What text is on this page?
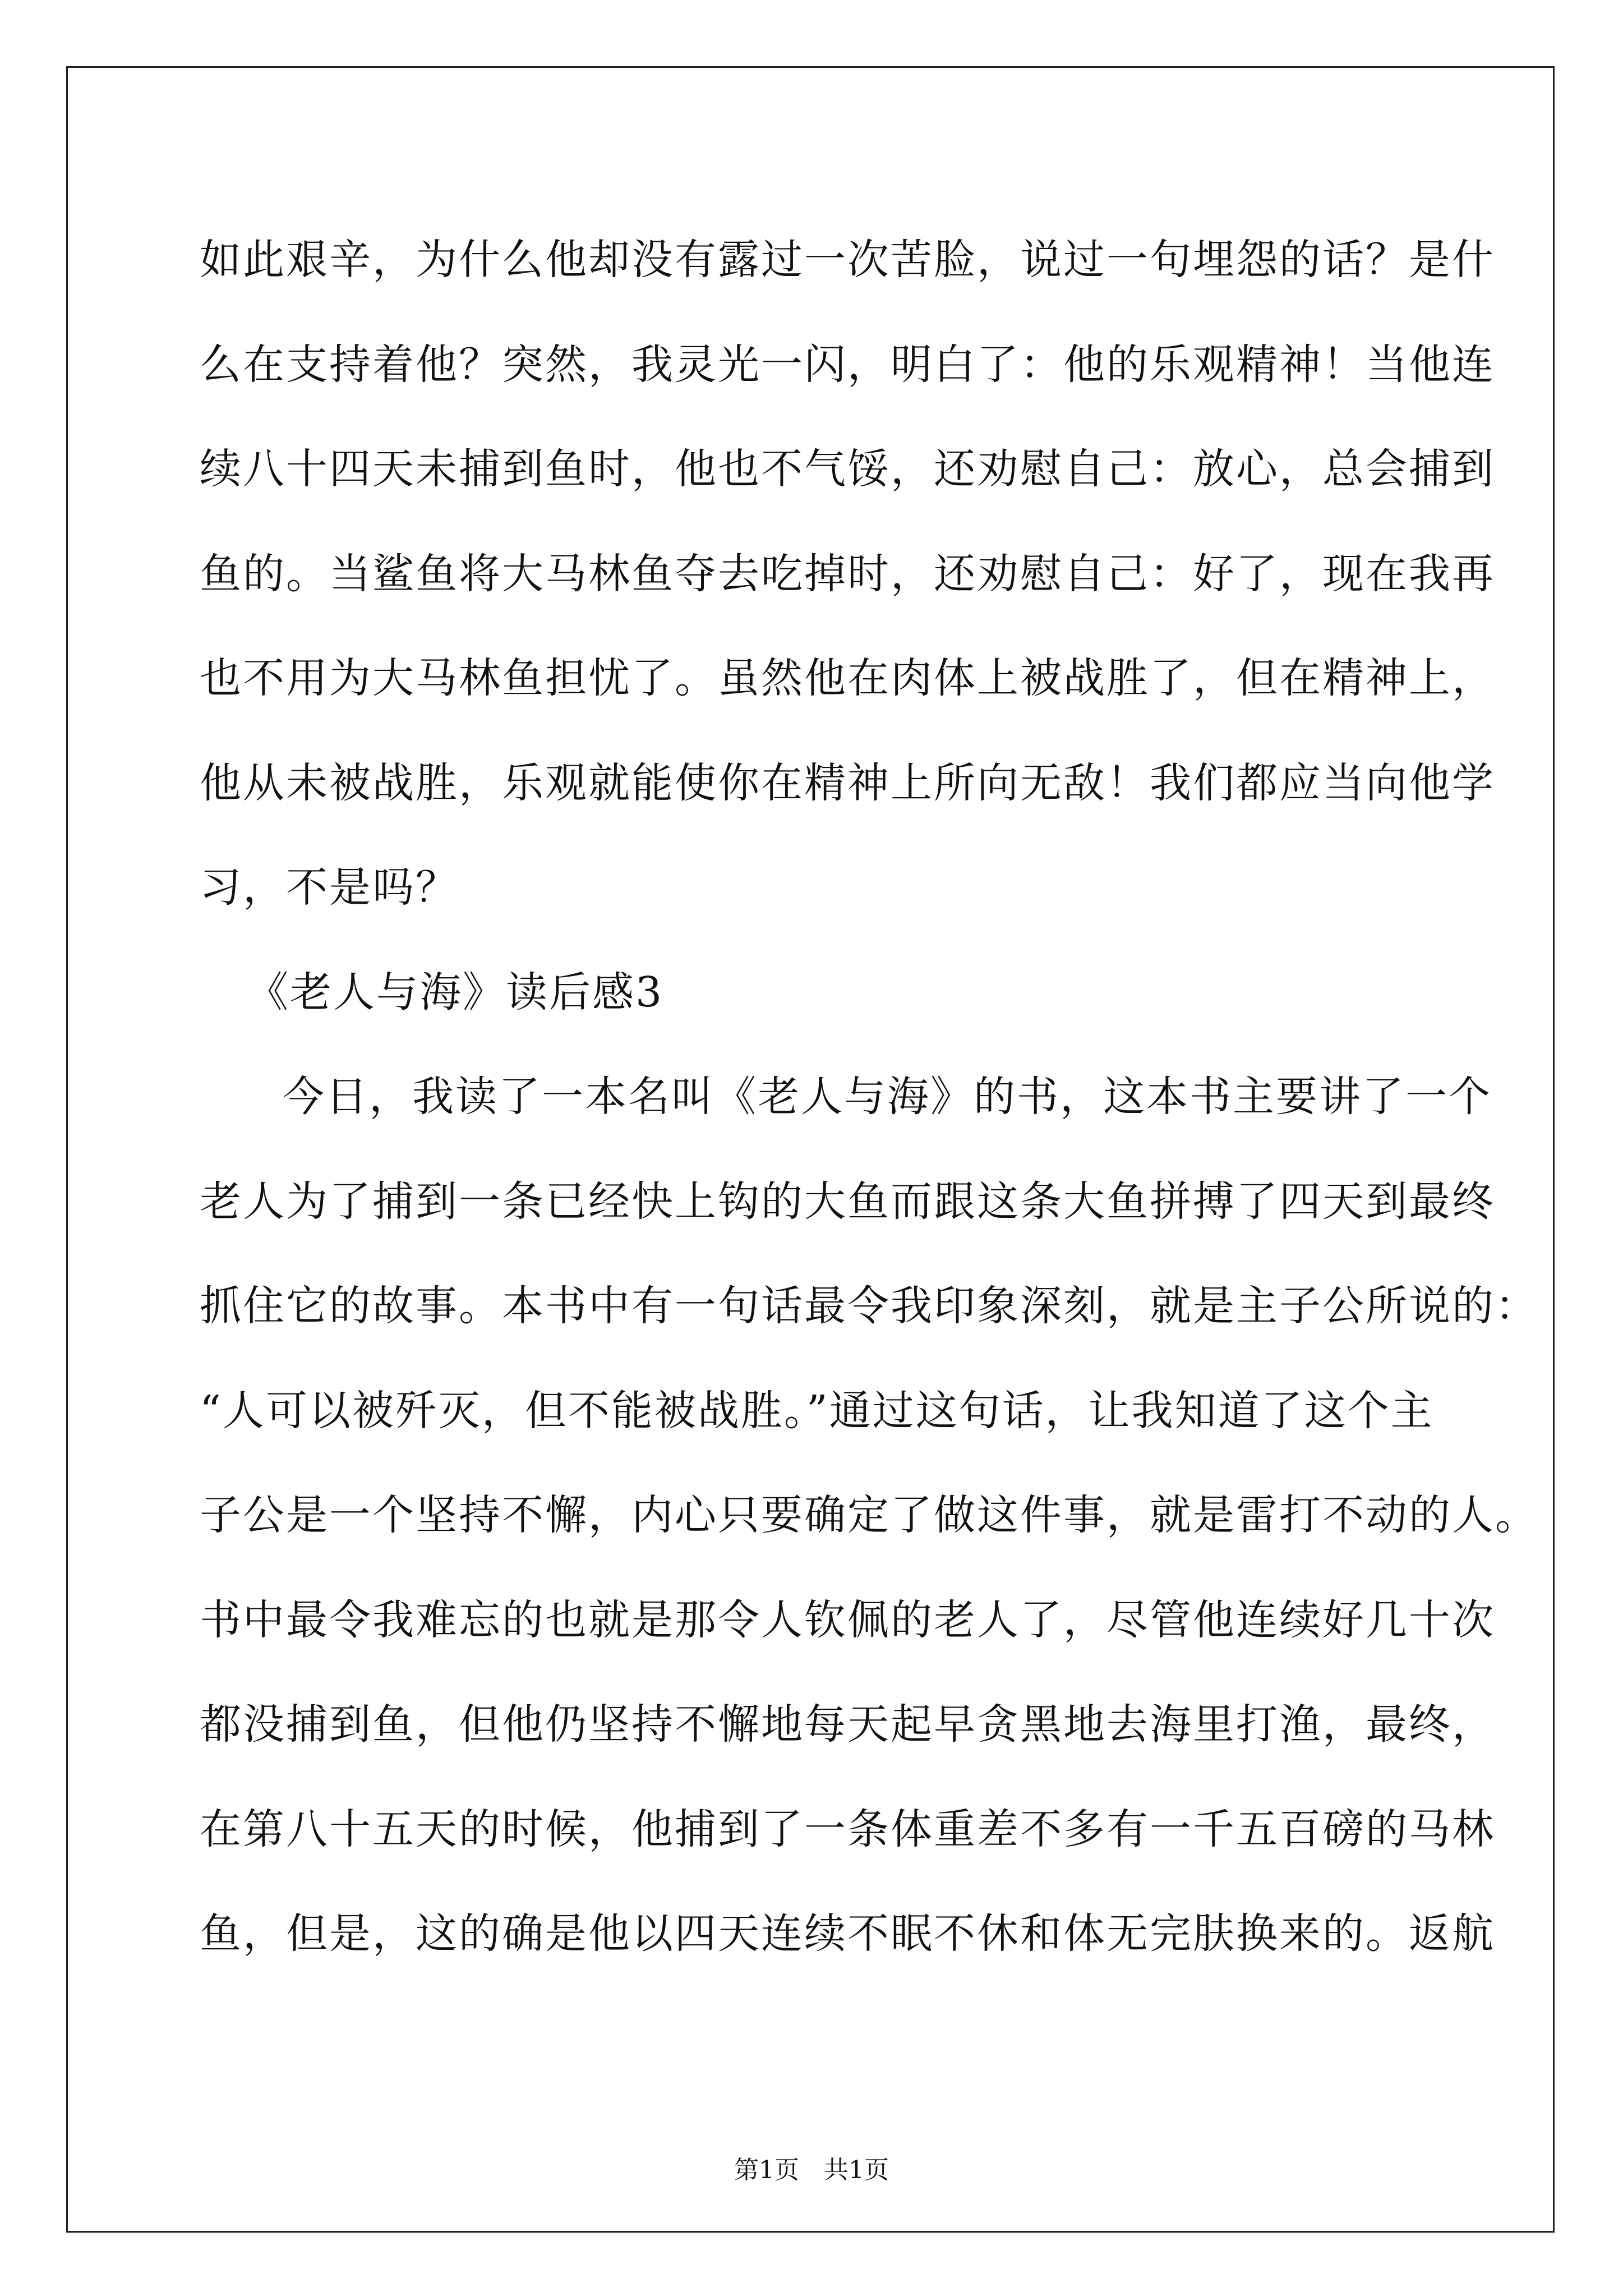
如此艰辛，为什么他却没有露过一次苦脸，说过一句埋怨的话？是什
么在支持着他？突然，我灵光一闪，明白了：他的乐观精神！当他连
续八十四天未捕到鱼时，他也不气馁，还劝慰自己：放心，总会捕到
鱼的。当鲨鱼将大马林鱼夺去吃掉时，还劝慰自己：好了，现在我再
也不用为大马林鱼担忧了。虽然他在肉体上被战胜了，但在精神上，
他从未被战胜，乐观就能使你在精神上所向无敌！我们都应当向他学
习，不是吗？
《老人与海》读后感3
今日，我读了一本名叫《老人与海》的书，这本书主要讲了一个
老人为了捕到一条已经快上钩的大鱼而跟这条大鱼拼搏了四天到最终
抓住它的故事。本书中有一句话最令我印象深刻，就是主子公所说的：
“人可以被歼灭，但不能被战胜。”通过这句话，让我知道了这个主
子公是一个坚持不懈，内心只要确定了做这件事，就是雷打不动的人。
书中最令我难忘的也就是那令人钦佩的老人了，尽管他连续好几十次
都没捕到鱼，但他仍坚持不懈地每天起早贪黑地去海里打渔，最终，
在第八十五天的时候，他捕到了一条体重差不多有一千五百磅的马林
鱼，但是，这的确是他以四天连续不眠不休和体无完肤换来的。返航
第1页　共1页
